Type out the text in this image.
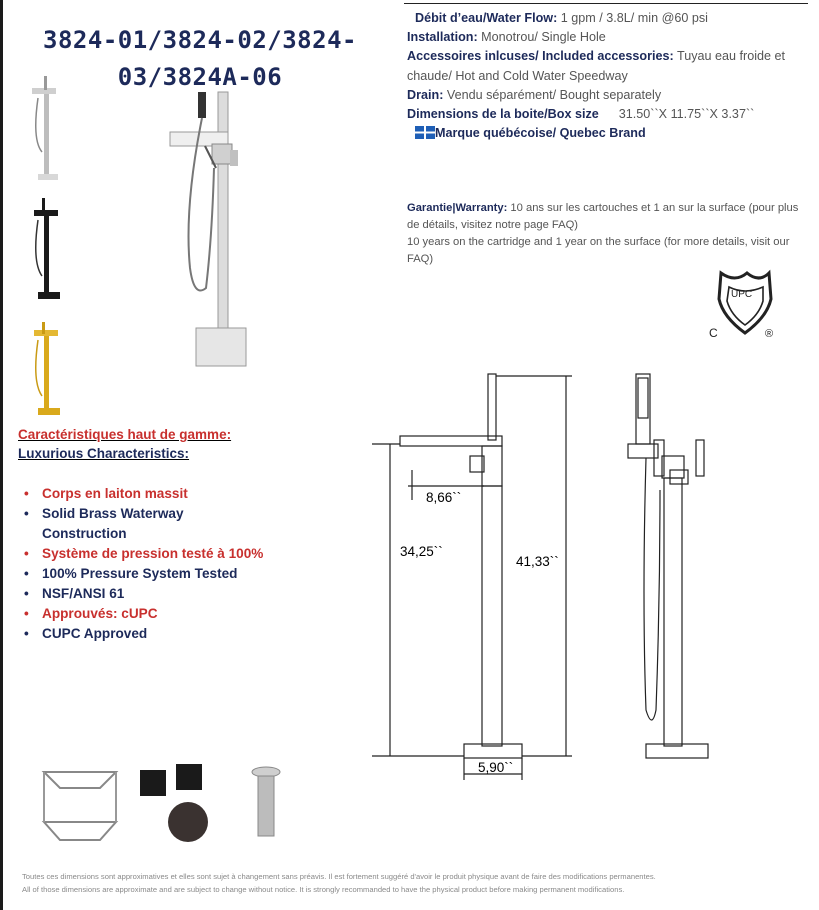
3824-01/3824-02/3824-
03/3824A-06
Débit d’eau/Water Flow: 1 gpm / 3.8L/ min @60 psi
Installation: Monotrou/ Single Hole
Accessoires inlcuses/ Included accessories: Tuyau eau froide et chaude/ Hot and Cold Water Speedway
Drain: Vendu séparément/ Bought separately
Dimensions de la boite/Box size 31.50``X 11.75``X 3.37``
Marque québécoise/ Quebec Brand
Garantie|Warranty: 10 ans sur les cartouches et 1 an sur la surface (pour plus de détails, visitez notre page FAQ)
10 years on the cartridge and 1 year on the surface (for more details, visit our FAQ)
UPC
C	®
Caractéristiques haut de gamme:
Luxurious Characteristics:
• Corps en laiton massit
• Solid Brass Waterway Construction
• Système de pression testé à 100%
• 100% Pressure System Tested
• NSF/ANSI 61
• Approuvés: cUPC
• CUPC Approved
8,66``
34,25``
41,33``
5,90``
Toutes ces dimensions sont approximatives et elles sont sujet à changement sans préavis. Il est fortement suggéré d'avoir le produit physique avant de faire des modifications permanentes.
All of those dimensions are approximate and are subject to change without notice. It is strongly recommanded to have the physical product before making permanent modifications.
